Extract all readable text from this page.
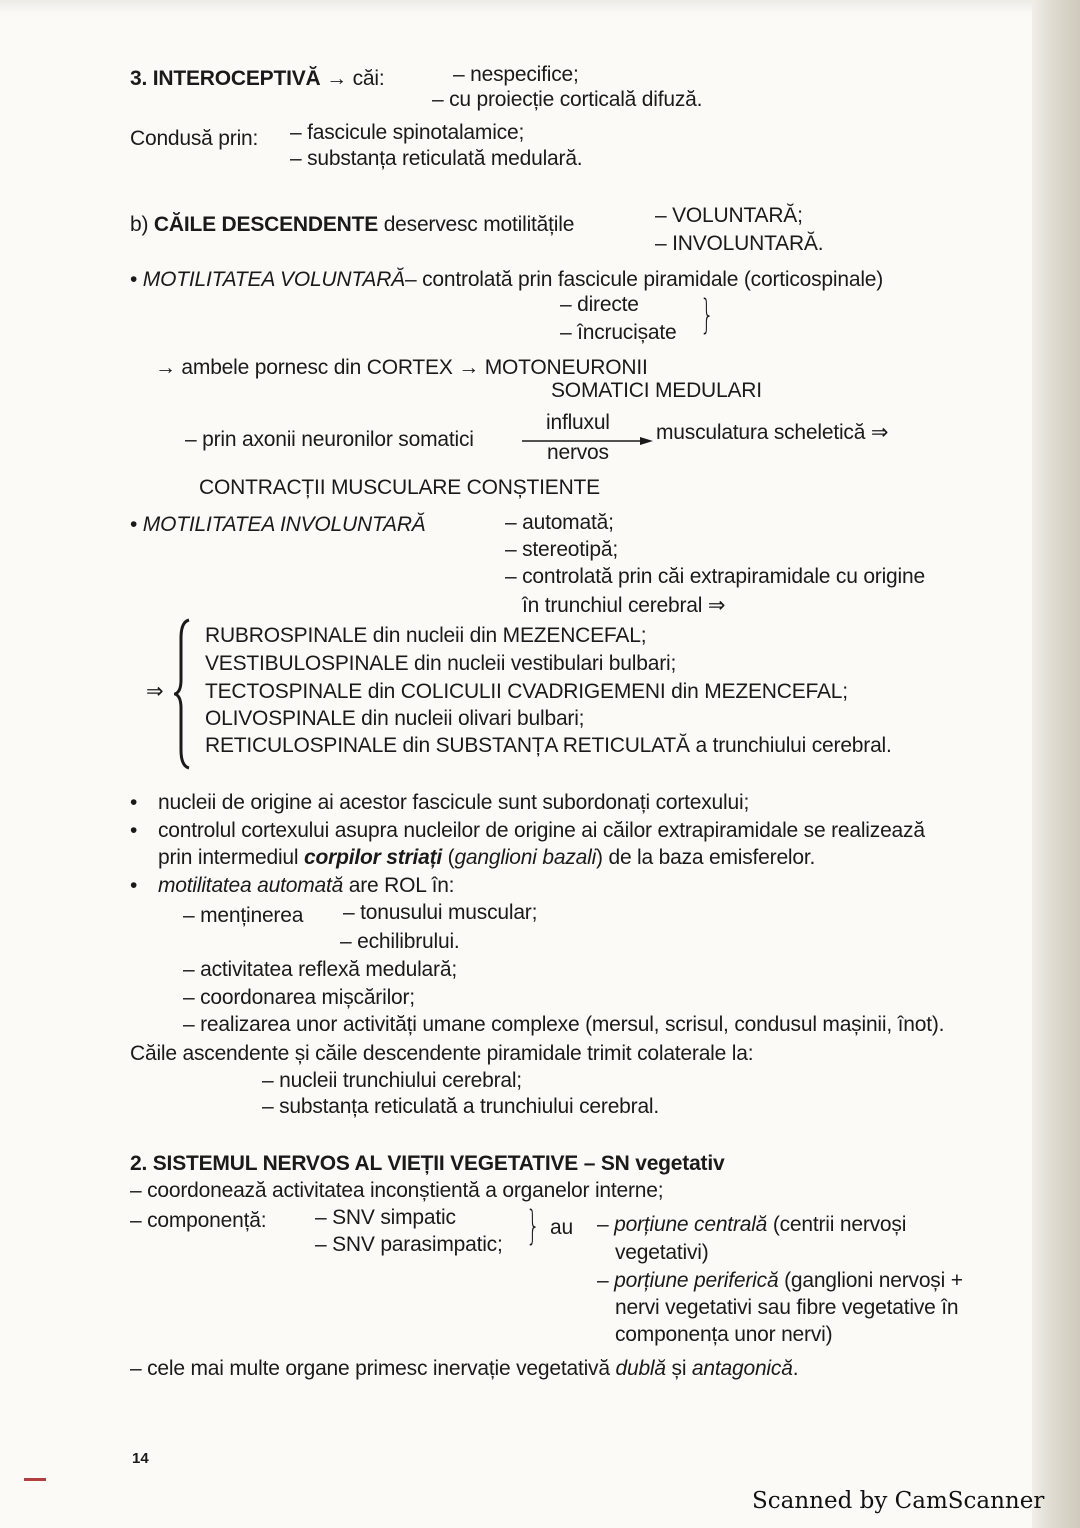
3. INTEROCEPTIVĂ → căi:	– nespecifice;
– cu proiecție corticală difuză.
Condusă prin: – fascicule spinotalamice;
– substanța reticulată medulară.
b) CĂILE DESCENDENTE deservesc motilitățile	– VOLUNTARĂ;
– INVOLUNTARĂ.
• MOTILITATEA VOLUNTARĂ– controlată prin fascicule piramidale (corticospinale)
– directe
– încrucișate }
→ ambele pornesc din CORTEX → MOTONEURONII
SOMATICI MEDULARI
– prin axonii neuronilor somatici
influxul
nervos
musculatura scheletică ⇒
CONTRACȚII MUSCULARE CONȘTIENTE
• MOTILITATEA INVOLUNTARĂ	– automată;
– stereotipă;
– controlată prin căi extrapiramidale cu origine
în trunchiul cerebral ⇒
⇒
RUBROSPINALE din nucleii din MEZENCEFAL;
VESTIBULOSPINALE din nucleii vestibulari bulbari;
TECTOSPINALE din COLICULII CVADRIGEMENI din MEZENCEFAL;
OLIVOSPINALE din nucleii olivari bulbari;
RETICULOSPINALE din SUBSTANȚA RETICULATĂ a trunchiului cerebral.
• nucleii de origine ai acestor fascicule sunt subordonați cortexului;
• controlul cortexului asupra nucleilor de origine ai căilor extrapiramidale se realizează
prin intermediul corpilor striați (ganglioni bazali) de la baza emisferelor.
• motilitatea automată are ROL în:
– menținerea – tonusului muscular;
– echilibrului.
– activitatea reflexă medulară;
– coordonarea mișcărilor;
– realizarea unor activități umane complexe (mersul, scrisul, condusul mașinii, înot).
Căile ascendente și căile descendente piramidale trimit colaterale la:
– nucleii trunchiului cerebral;
– substanța reticulată a trunchiului cerebral.
2. SISTEMUL NERVOS AL VIEȚII VEGETATIVE – SN vegetativ
– coordonează activitatea inconștientă a organelor interne;
– componență: – SNV simpatic
– SNV parasimpatic; } au – porțiune centrală (centrii nervoși
vegetativi)
– porțiune periferică (ganglioni nervoși +
nervi vegetativi sau fibre vegetative în
componența unor nervi)
– cele mai multe organe primesc inervație vegetativă dublă și antagonică.
14
Scanned by CamScanner
